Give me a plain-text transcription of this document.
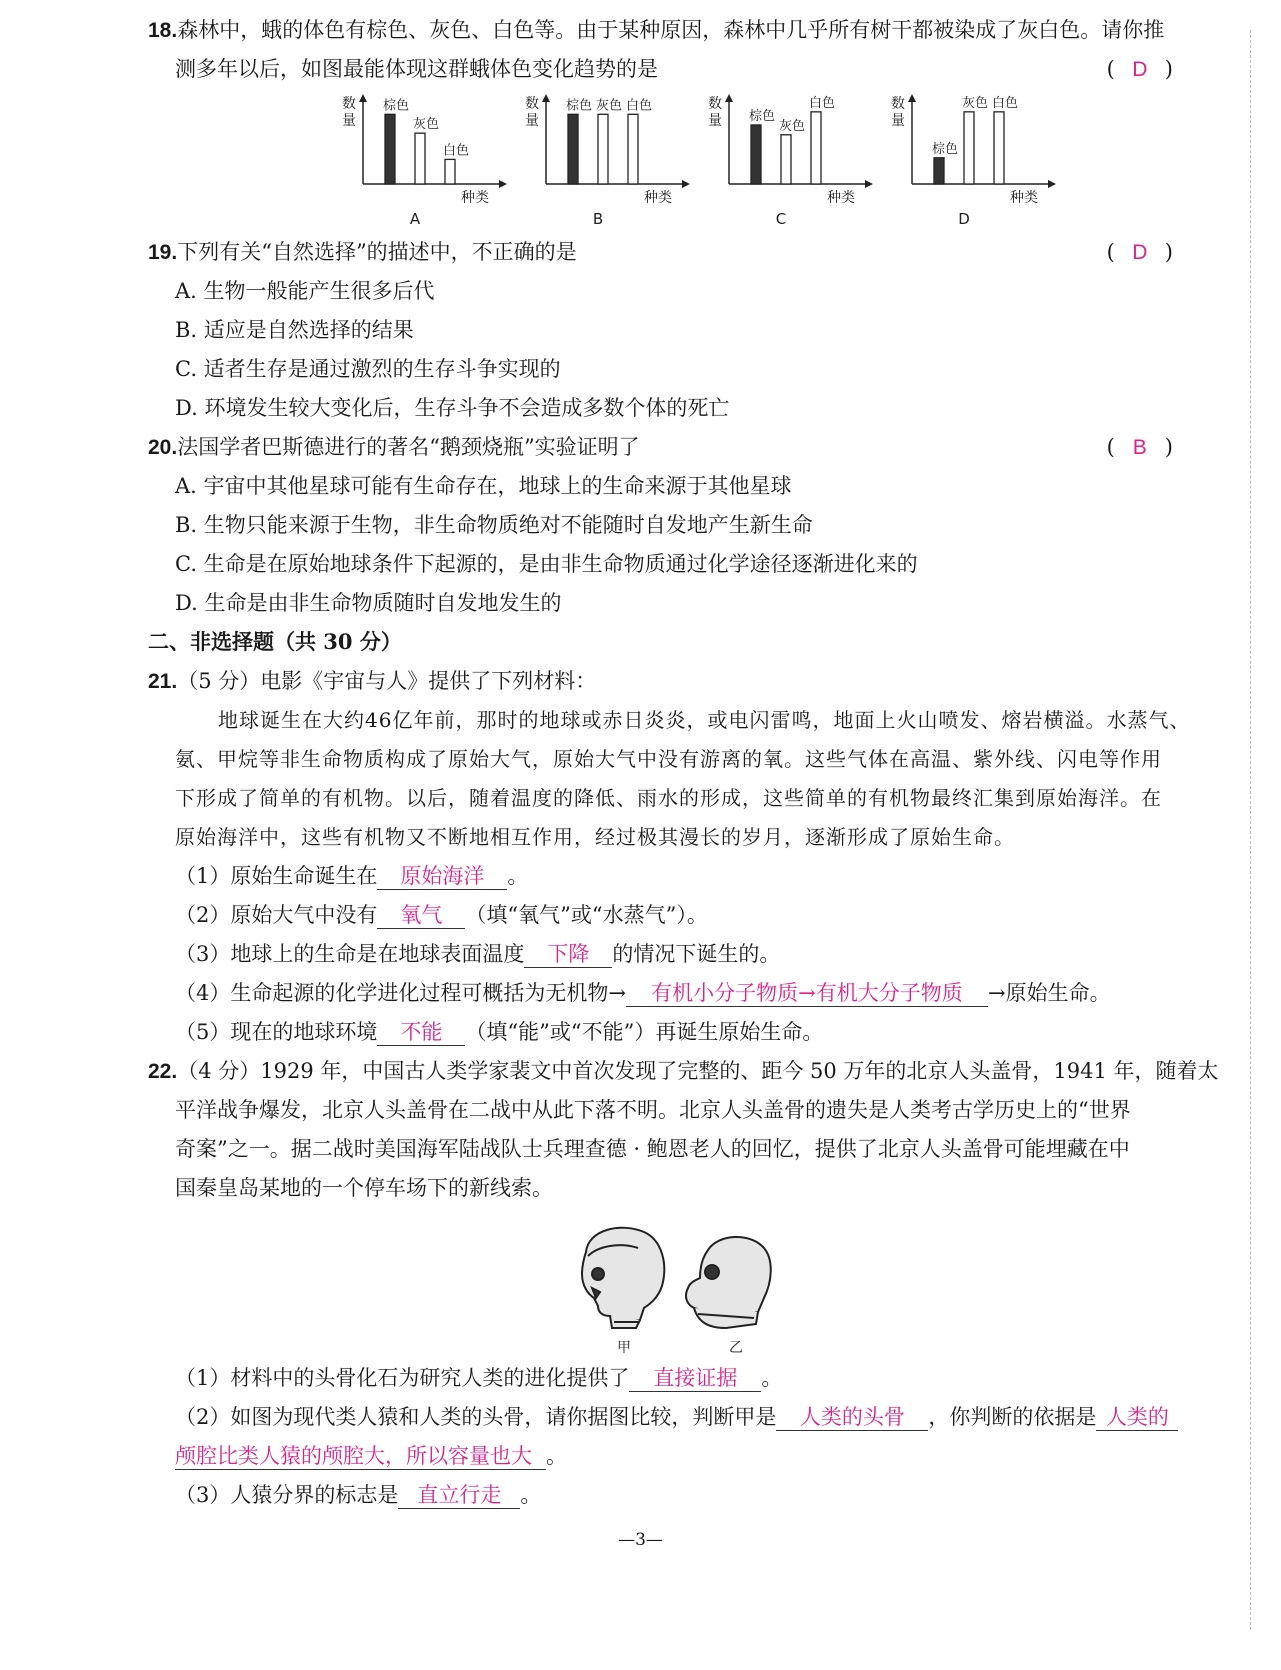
18.森林中，蛾的体色有棕色、灰色、白色等。由于某种原因，森林中几乎所有树干都被染成了灰白色。请你推
测多年以后，如图最能体现这群蛾体色变化趋势的是	( D )
数
量
种类
棕色
灰色
白色
A
数
量
种类
棕色 灰色 白色
B
数
量
种类
棕色
灰色
白色
C
数
量
种类
棕色
灰色 白色
D
19.下列有关“自然选择”的描述中，不正确的是	( D )
A. 生物一般能产生很多后代
B. 适应是自然选择的结果
C. 适者生存是通过激烈的生存斗争实现的
D. 环境发生较大变化后，生存斗争不会造成多数个体的死亡
20.法国学者巴斯德进行的著名“鹅颈烧瓶”实验证明了	( B )
A. 宇宙中其他星球可能有生命存在，地球上的生命来源于其他星球
B. 生物只能来源于生物，非生命物质绝对不能随时自发地产生新生命
C. 生命是在原始地球条件下起源的，是由非生命物质通过化学途径逐渐进化来的
D. 生命是由非生命物质随时自发地发生的
二、非选择题（共 30 分）
21.（5 分）电影《宇宙与人》提供了下列材料：
地球诞生在大约46亿年前，那时的地球或赤日炎炎，或电闪雷鸣，地面上火山喷发、熔岩横溢。水蒸气、
氨、甲烷等非生命物质构成了原始大气，原始大气中没有游离的氧。这些气体在高温、紫外线、闪电等作用
下形成了简单的有机物。以后，随着温度的降低、雨水的形成，这些简单的有机物最终汇集到原始海洋。在
原始海洋中，这些有机物又不断地相互作用，经过极其漫长的岁月，逐渐形成了原始生命。
（1）原始生命诞生在 原始海洋 。
（2）原始大气中没有 氧气 （填“氧气”或“水蒸气”）。
（3）地球上的生命是在地球表面温度 下降 的情况下诞生的。
（4）生命起源的化学进化过程可概括为无机物→ 有机小分子物质→有机大分子物质 →原始生命。
（5）现在的地球环境 不能 （填“能”或“不能”）再诞生原始生命。
22.（4 分）1929 年，中国古人类学家裴文中首次发现了完整的、距今 50 万年的北京人头盖骨，1941 年，随着太
平洋战争爆发，北京人头盖骨在二战中从此下落不明。北京人头盖骨的遗失是人类考古学历史上的“世界
奇案”之一。据二战时美国海军陆战队士兵理查德 · 鲍恩老人的回忆，提供了北京人头盖骨可能埋藏在中
国秦皇岛某地的一个停车场下的新线索。
甲	乙
（1）材料中的头骨化石为研究人类的进化提供了 直接证据 。
（2）如图为现代类人猿和人类的头骨，请你据图比较，判断甲是 人类的头骨 ，你判断的依据是 人类的
颅腔比类人猿的颅腔大，所以容量也大 。
（3）人猿分界的标志是 直立行走 。
—3—
